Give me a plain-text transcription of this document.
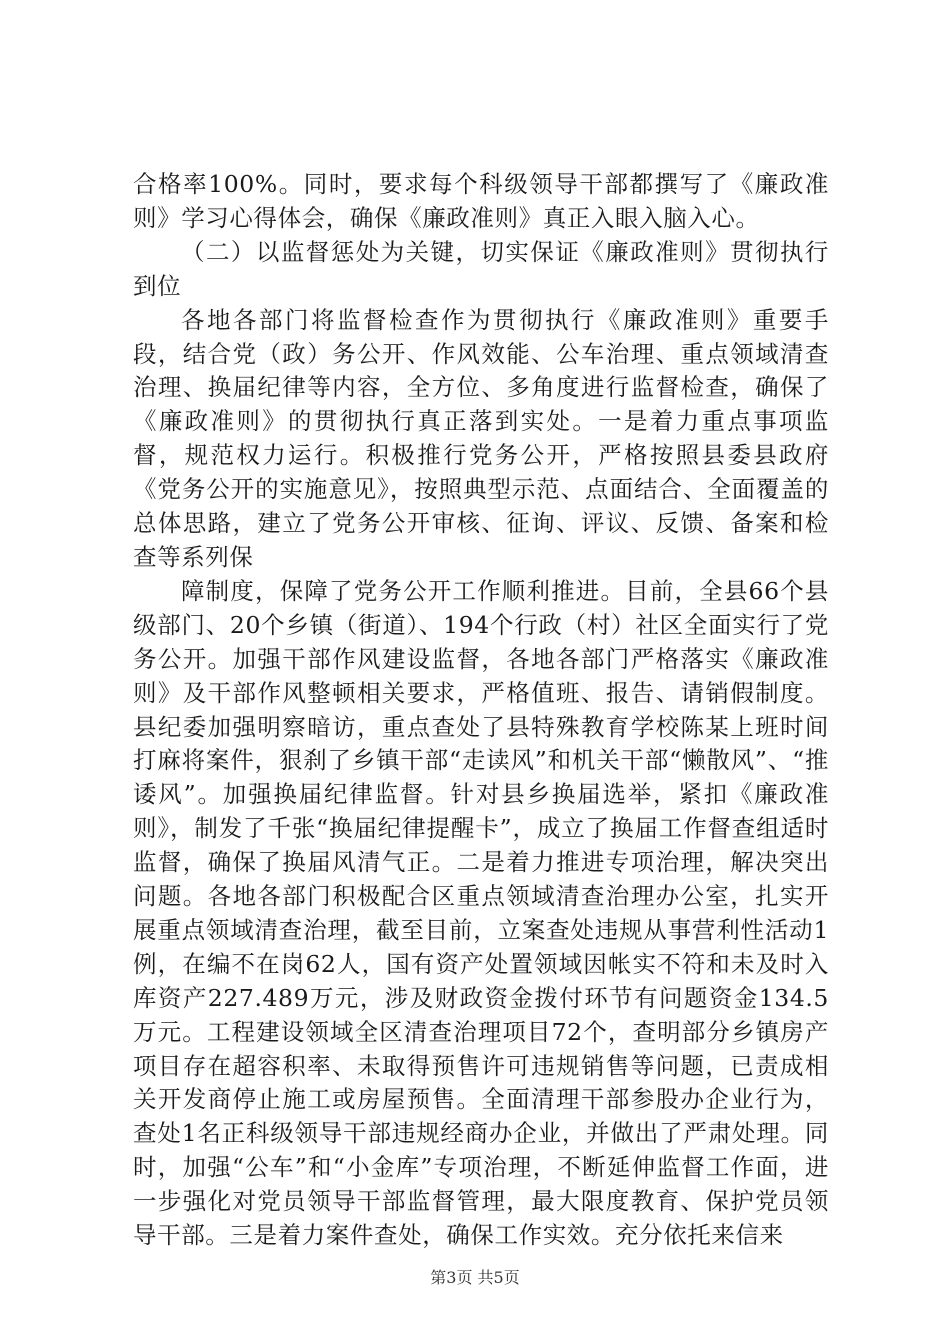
合格率100%。同时，要求每个科级领导干部都撰写了《廉政准则》学习心得体会，确保《廉政准则》真正入眼入脑入心。

（二）以监督惩处为关键，切实保证《廉政准则》贯彻执行到位

各地各部门将监督检查作为贯彻执行《廉政准则》重要手段，结合党（政）务公开、作风效能、公车治理、重点领域清查治理、换届纪律等内容，全方位、多角度进行监督检查，确保了《廉政准则》的贯彻执行真正落到实处。一是着力重点事项监督，规范权力运行。积极推行党务公开，严格按照县委县政府《党务公开的实施意见》，按照典型示范、点面结合、全面覆盖的总体思路，建立了党务公开审核、征询、评议、反馈、备案和检查等系列保

障制度，保障了党务公开工作顺利推进。目前，全县66个县级部门、20个乡镇（街道）、194个行政（村）社区全面实行了党务公开。加强干部作风建设监督，各地各部门严格落实《廉政准则》及干部作风整顿相关要求，严格值班、报告、请销假制度。县纪委加强明察暗访，重点查处了县特殊教育学校陈某上班时间打麻将案件，狠刹了乡镇干部“走读风”和机关干部“懒散风”、“推诿风”。加强换届纪律监督。针对县乡换届选举，紧扣《廉政准则》，制发了千张“换届纪律提醒卡”，成立了换届工作督查组适时监督，确保了换届风清气正。二是着力推进专项治理，解决突出问题。各地各部门积极配合区重点领域清查治理办公室，扎实开展重点领域清查治理，截至目前，立案查处违规从事营利性活动1例，在编不在岗62人，国有资产处置领域因帐实不符和未及时入库资产227.489万元，涉及财政资金拨付环节有问题资金134.5万元。工程建设领域全区清查治理项目72个，查明部分乡镇房产项目存在超容积率、未取得预售许可违规销售等问题，已责成相关开发商停止施工或房屋预售。全面清理干部参股办企业行为，查处1名正科级领导干部违规经商办企业，并做出了严肃处理。同时，加强“公车”和“小金库”专项治理，不断延伸监督工作面，进一步强化对党员领导干部监督管理，最大限度教育、保护党员领导干部。三是着力案件查处，确保工作实效。充分依托来信来

第3页 共5页
